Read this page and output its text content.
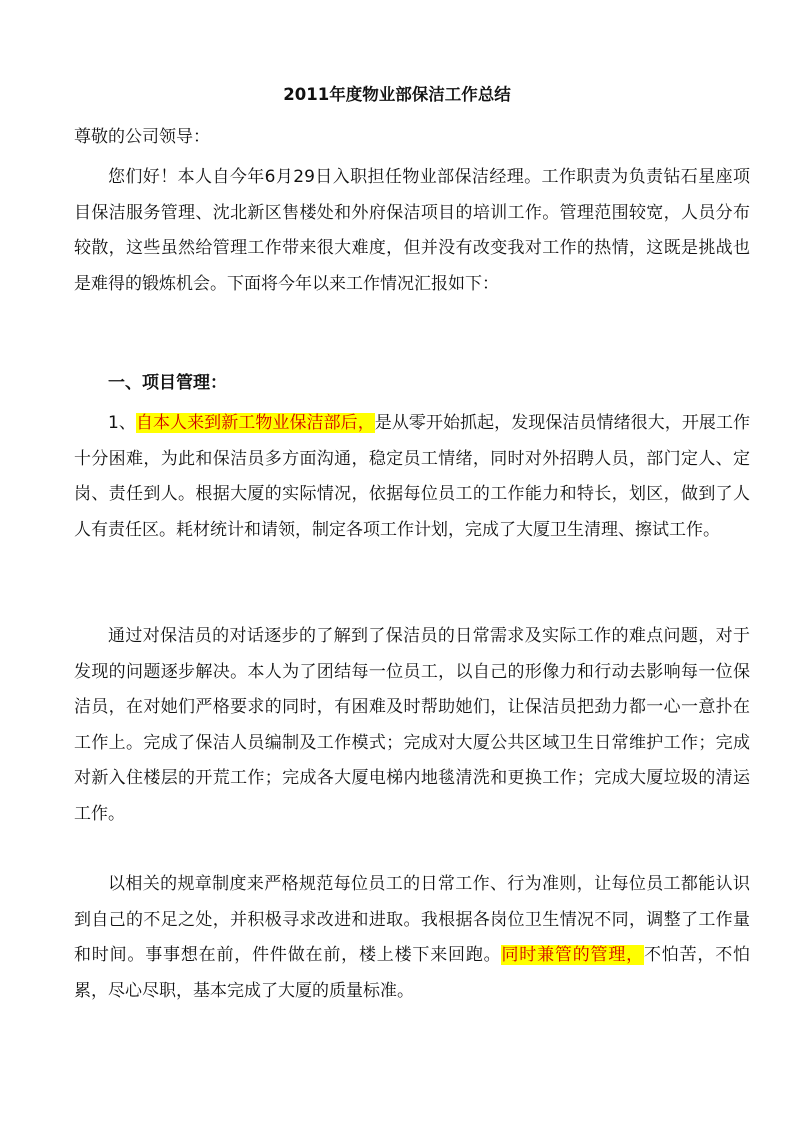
2011年度物业部保洁工作总结
尊敬的公司领导：

您们好！本人自今年6月29日入职担任物业部保洁经理。工作职责为负责钻石星座项目保洁服务管理、沈北新区售楼处和外府保洁项目的培训工作。管理范围较宽，人员分布较散，这些虽然给管理工作带来很大难度，但并没有改变我对工作的热情，这既是挑战也是难得的锻炼机会。下面将今年以来工作情况汇报如下：

一、项目管理：

1、自本人来到新工物业保洁部后，是从零开始抓起，发现保洁员情绪很大，开展工作十分困难，为此和保洁员多方面沟通，稳定员工情绪，同时对外招聘人员，部门定人、定岗、责任到人。根据大厦的实际情况，依据每位员工的工作能力和特长，划区，做到了人人有责任区。耗材统计和请领，制定各项工作计划，完成了大厦卫生清理、擦试工作。

通过对保洁员的对话逐步的了解到了保洁员的日常需求及实际工作的难点问题，对于发现的问题逐步解决。本人为了团结每一位员工，以自己的形像力和行动去影响每一位保洁员，在对她们严格要求的同时，有困难及时帮助她们，让保洁员把劲力都一心一意扑在工作上。完成了保洁人员编制及工作模式；完成对大厦公共区域卫生日常维护工作；完成对新入住楼层的开荒工作；完成各大厦电梯内地毯清洗和更换工作；完成大厦垃圾的清运工作。

以相关的规章制度来严格规范每位员工的日常工作、行为准则，让每位员工都能认识到自己的不足之处，并积极寻求改进和进取。我根据各岗位卫生情况不同，调整了工作量和时间。事事想在前，件件做在前，楼上楼下来回跑。同时兼管的管理，不怕苦，不怕累，尽心尽职，基本完成了大厦的质量标准。
